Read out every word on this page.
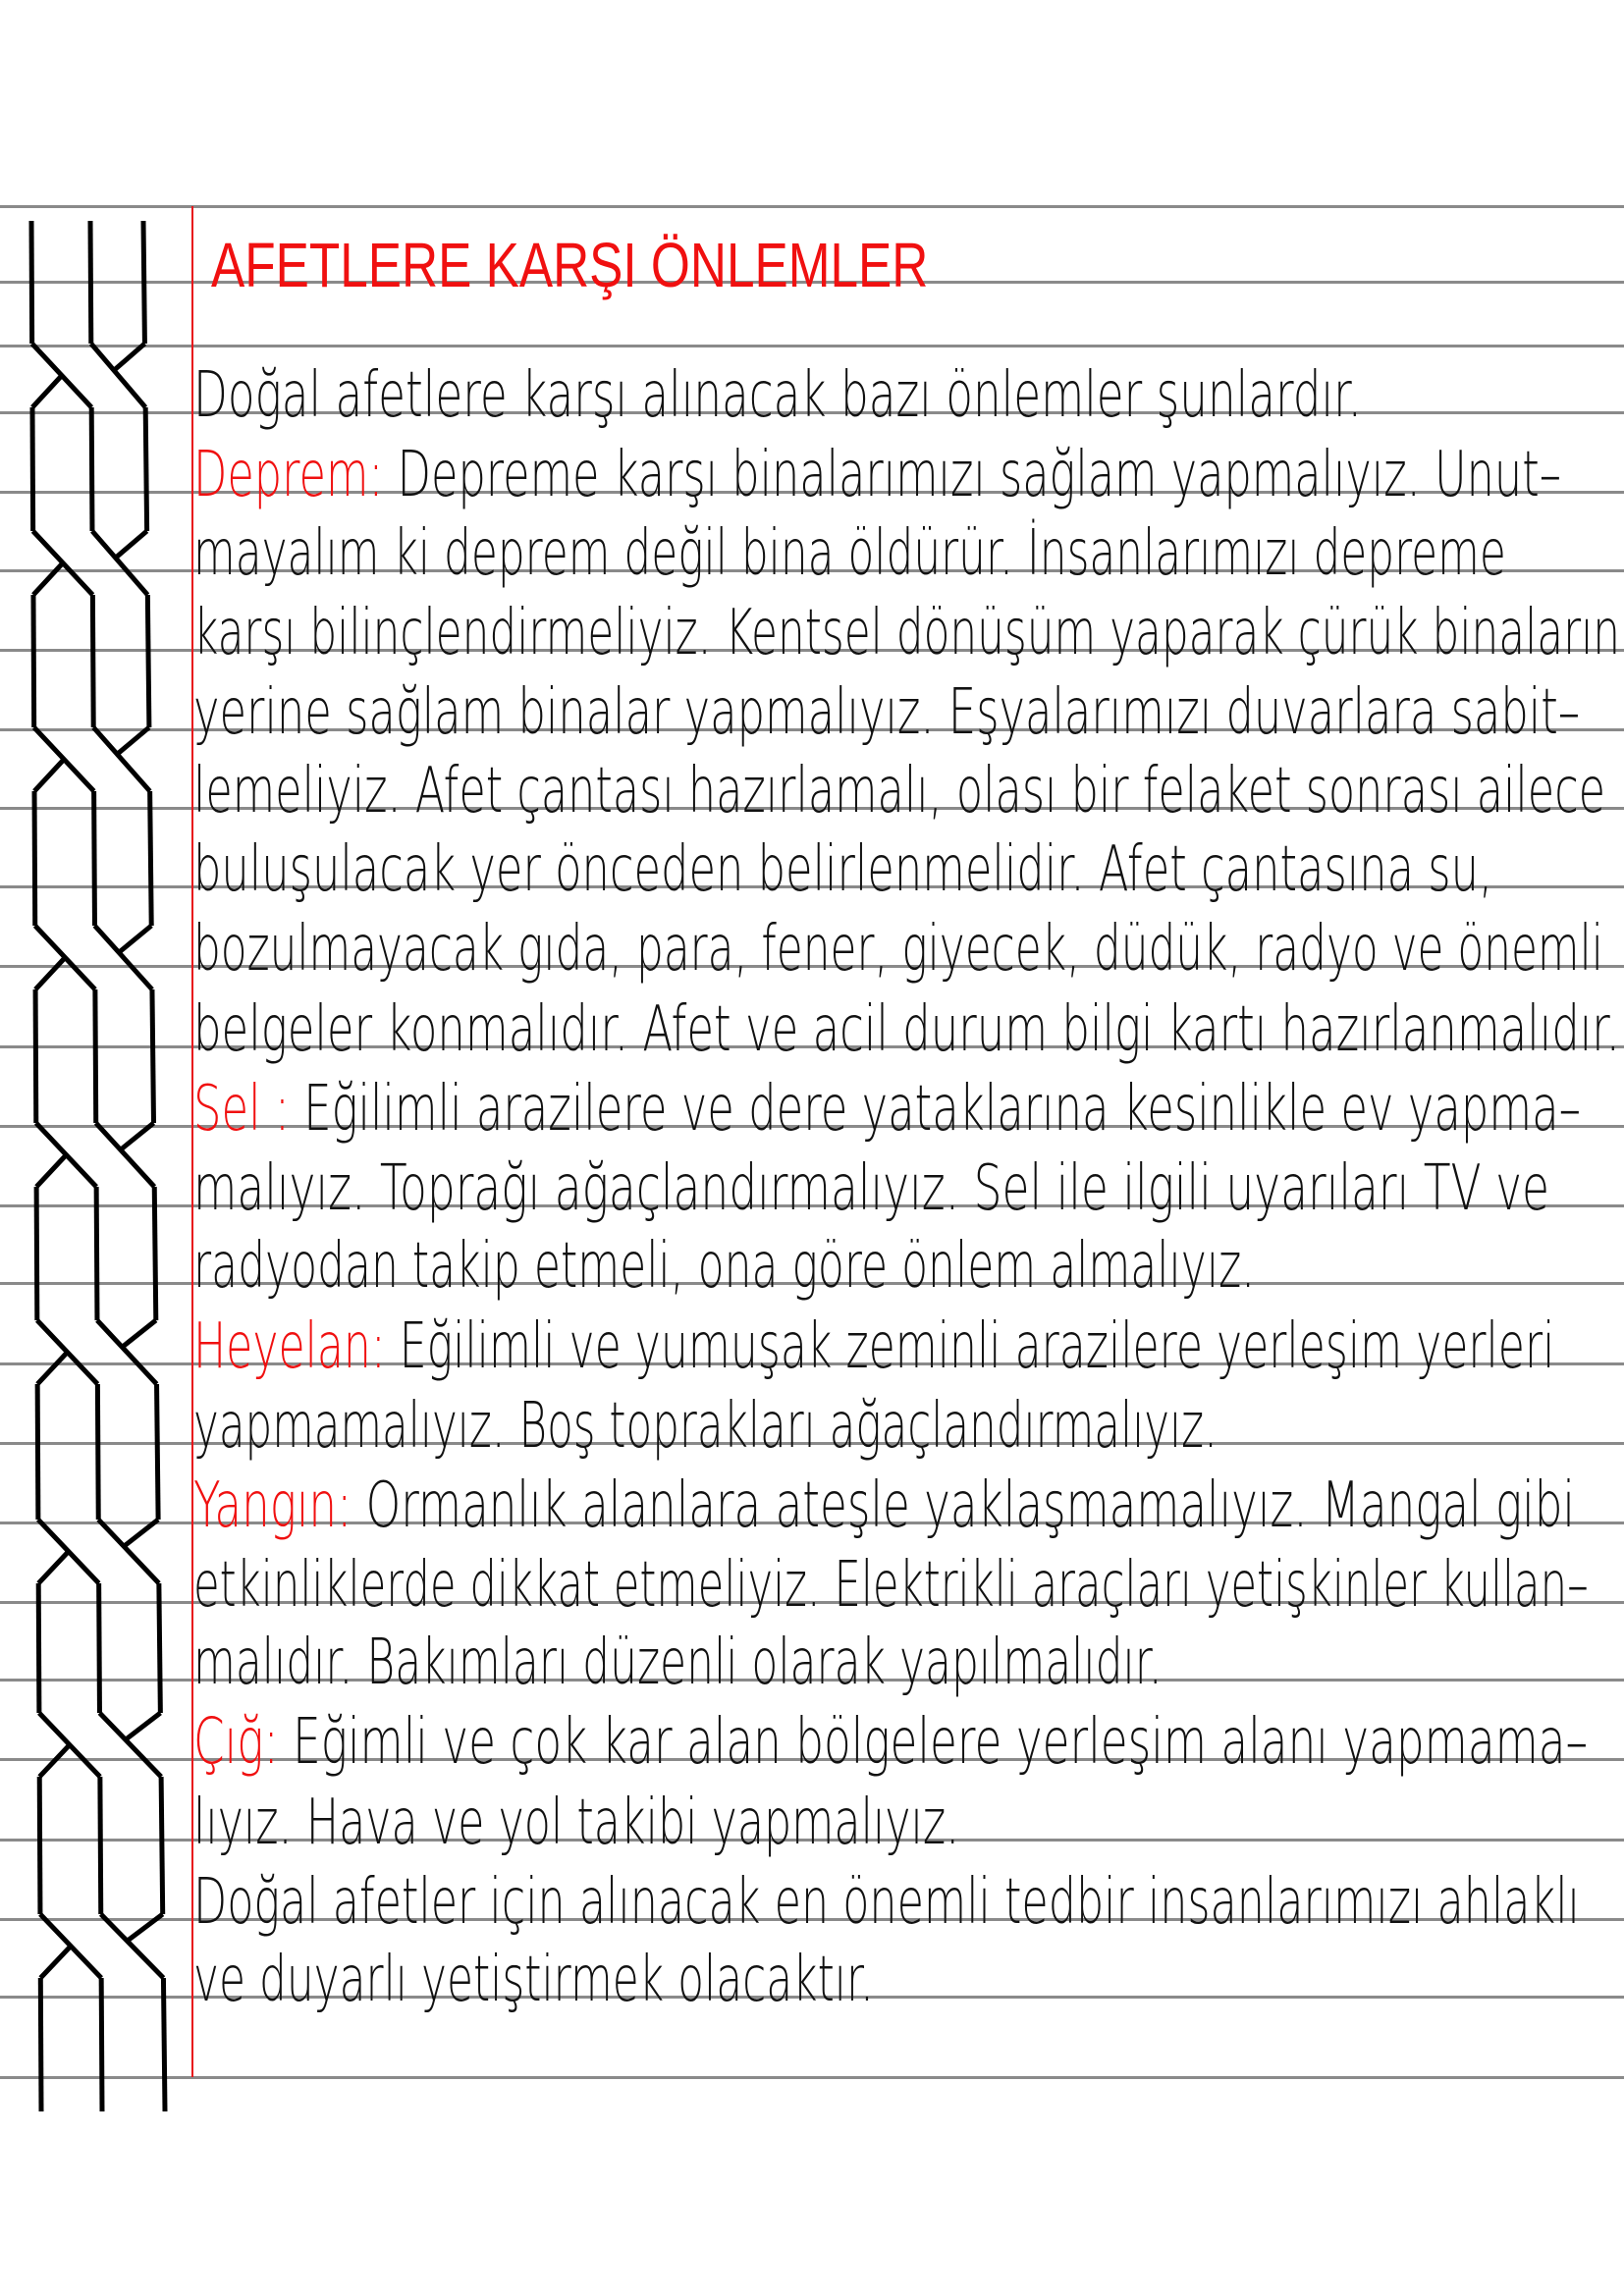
AFETLERE KARŞI ÖNLEMLER
Doğal afetlere karşı alınacak bazı önlemler şunlardır.
Deprem: Depreme karşı binalarımızı sağlam yapmalıyız. Unut–
mayalım ki deprem değil bina öldürür. İnsanlarımızı depreme
karşı bilinçlendirmeliyiz. Kentsel dönüşüm yaparak çürük binaların
yerine sağlam binalar yapmalıyız. Eşyalarımızı duvarlara sabit–
lemeliyiz. Afet çantası hazırlamalı, olası bir felaket sonrası ailece
buluşulacak yer önceden belirlenmelidir. Afet çantasına su,
bozulmayacak gıda, para, fener, giyecek, düdük, radyo ve önemli
belgeler konmalıdır. Afet ve acil durum bilgi kartı hazırlanmalıdır.
Sel : Eğilimli arazilere ve dere yataklarına kesinlikle ev yapma–
malıyız. Toprağı ağaçlandırmalıyız. Sel ile ilgili uyarıları TV ve
radyodan takip etmeli, ona göre önlem almalıyız.
Heyelan: Eğilimli ve yumuşak zeminli arazilere yerleşim yerleri
yapmamalıyız. Boş toprakları ağaçlandırmalıyız.
Yangın: Ormanlık alanlara ateşle yaklaşmamalıyız. Mangal gibi
etkinliklerde dikkat etmeliyiz. Elektrikli araçları yetişkinler kullan–
malıdır. Bakımları düzenli olarak yapılmalıdır.
Çığ: Eğimli ve çok kar alan bölgelere yerleşim alanı yapmama–
lıyız. Hava ve yol takibi yapmalıyız.
Doğal afetler için alınacak en önemli tedbir insanlarımızı ahlaklı
ve duyarlı yetiştirmek olacaktır.
